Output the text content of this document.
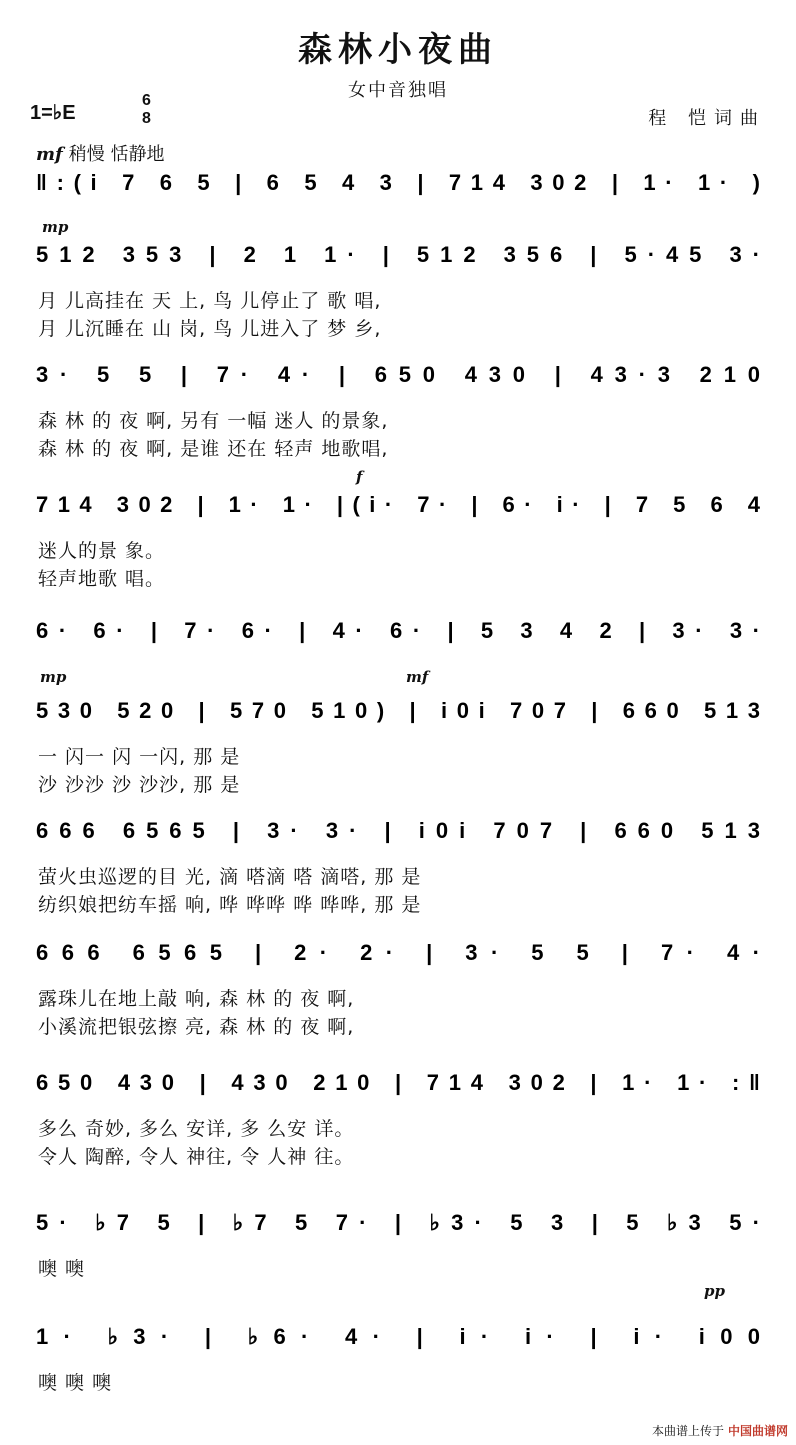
森林小夜曲
女中音独唱
1=♭E
6
8	程 恺词曲
mf 稍慢 恬静地
mp
f
mp	mf
pp
‖:(i 7 6 5 | 6 5 4 3 | 714 302 | 1· 1· )
512 353 | 2 1 1· | 512 356 | 5·45 3·
月 儿高挂在 天 上, 鸟 儿停止了 歌 唱,
月 儿沉睡在 山 岗, 鸟 儿进入了 梦 乡,
3· 5 5 | 7· 4· | 650 430 | 43·3 210
森 林 的 夜 啊, 另有 一幅 迷人 的景象,
森 林 的 夜 啊, 是谁 还在 轻声 地歌唱,
714 302 | 1· 1· |(i· 7· | 6· i· | 7 5 6 4
迷人的景 象。
轻声地歌 唱。
6· 6· | 7· 6· | 4· 6· | 5 3 4 2 | 3· 3·
530 520 | 570 510) | i0i 707 | 660 513
一 闪一 闪 一闪, 那 是
沙 沙沙 沙 沙沙, 那 是
666 6565 | 3· 3· | i0i 707 | 660 513
萤火虫巡逻的目 光, 滴 嗒滴 嗒 滴嗒, 那 是
纺织娘把纺车摇 响, 哗 哗哗 哗 哗哗, 那 是
666 6565 | 2· 2· | 3· 5 5 | 7· 4·
露珠儿在地上敲 响, 森 林 的 夜 啊,
小溪流把银弦擦 亮, 森 林 的 夜 啊,
650 430 | 430 210 | 714 302 | 1· 1· :‖
多么 奇妙, 多么 安详, 多 么安 详。
令人 陶醉, 令人 神往, 令 人神 往。
5· ♭7 5 | ♭7 5 7· | ♭3· 5 3 | 5 ♭3 5·
噢 噢
1· ♭3· | ♭6· 4· | i· i· | i· i00
噢 噢 噢
本曲谱上传于 中国曲谱网
